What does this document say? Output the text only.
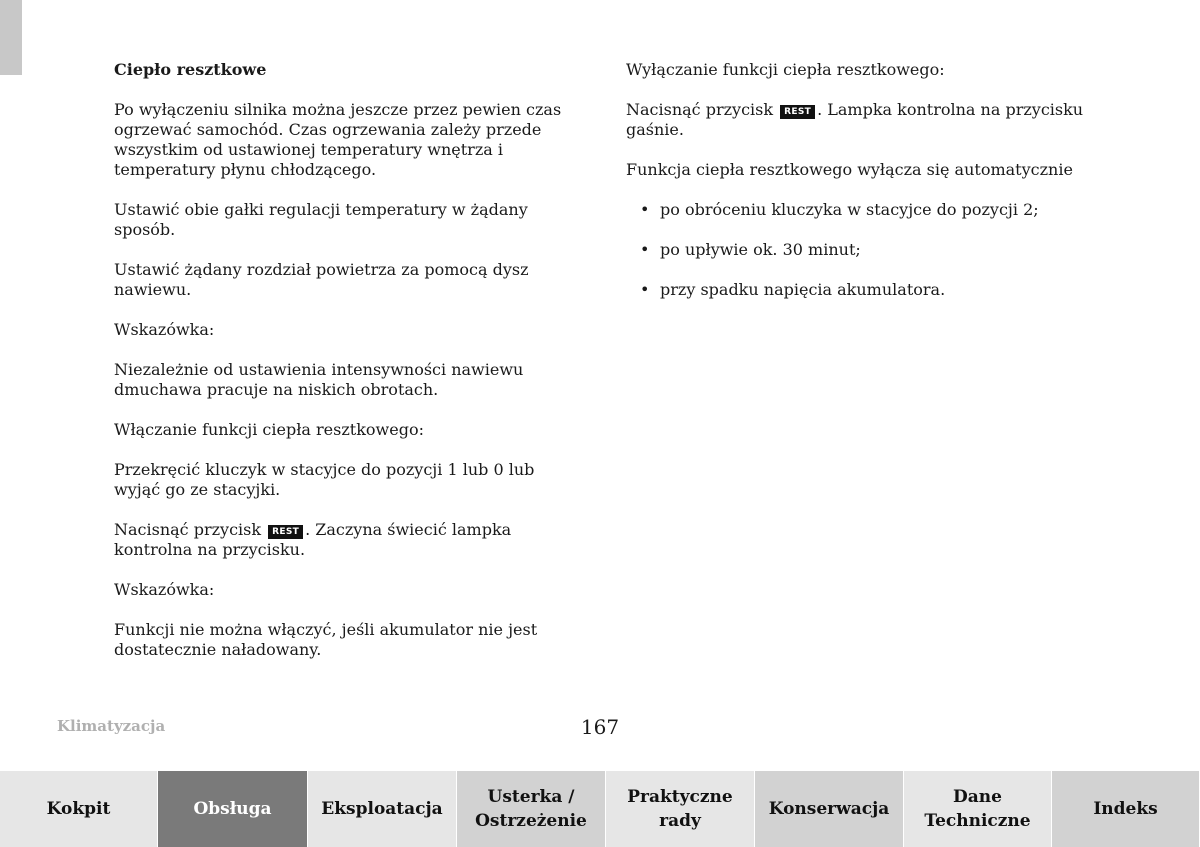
Ciepło resztkowe

Po wyłączeniu silnika można jeszcze przez pewien czas ogrzewać samochód. Czas ogrzewania zależy przede wszystkim od ustawionej temperatury wnętrza i temperatury płynu chłodzącego.

Ustawić obie gałki regulacji temperatury w żądany sposób.

Ustawić żądany rozdział powietrza za pomocą dysz nawiewu.

Wskazówka:

Niezależnie od ustawienia intensywności nawiewu dmuchawa pracuje na niskich obrotach.

Włączanie funkcji ciepła resztkowego:

Przekręcić kluczyk w stacyjce do pozycji 1 lub 0 lub wyjąć go ze stacyjki.

Nacisnąć przycisk REST . Zaczyna świecić lampka kontrolna na przycisku.

Wskazówka:

Funkcji nie można włączyć, jeśli akumulator nie jest dostatecznie naładowany.

Wyłączanie funkcji ciepła resztkowego:

Nacisnąć przycisk REST . Lampka kontrolna na przycisku gaśnie.

Funkcja ciepła resztkowego wyłącza się automatycznie

• po obróceniu kluczyka w stacyjce do pozycji 2;
• po upływie ok. 30 minut;
• przy spadku napięcia akumulatora.
Klimatyzacja	167
Kokpit	Obsługa	Eksploatacja
Usterka /
Ostrzeżenie
Praktyczne
rady
Konserwacja
Dane
Techniczne
Indeks
